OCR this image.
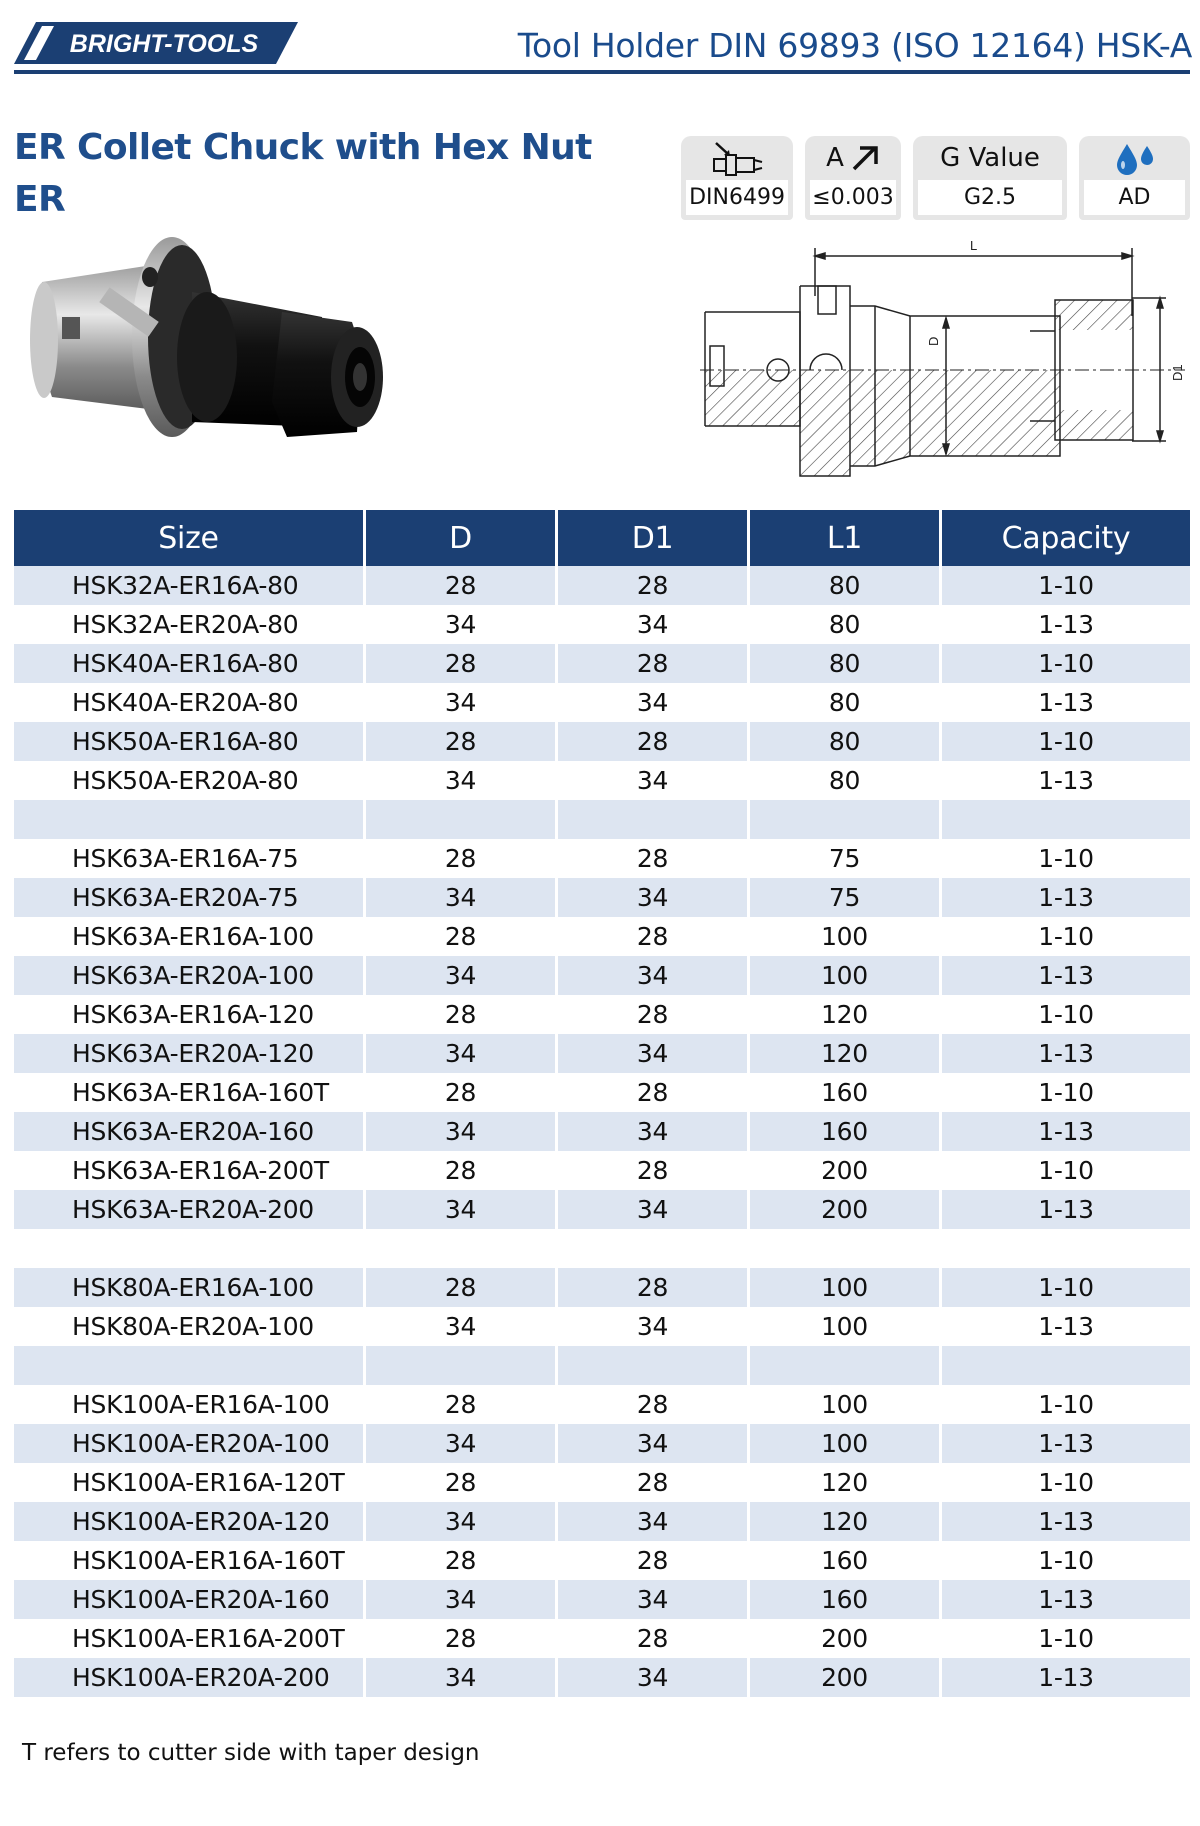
BRIGHT-TOOLS	Tool Holder DIN 69893 (ISO 12164) HSK-A
ER Collet Chuck with Hex Nut
ER	DIN6499
A
≤0.003
G Value
G2.5	AD
L
D
D1
Size	D	D1	L1	Capacity
HSK32A-ER16A-80	28	28	80	1-10
HSK32A-ER20A-80	34	34	80	1-13
HSK40A-ER16A-80	28	28	80	1-10
HSK40A-ER20A-80	34	34	80	1-13
HSK50A-ER16A-80	28	28	80	1-10
HSK50A-ER20A-80	34	34	80	1-13
HSK63A-ER16A-75	28	28	75	1-10
HSK63A-ER20A-75	34	34	75	1-13
HSK63A-ER16A-100	28	28	100	1-10
HSK63A-ER20A-100	34	34	100	1-13
HSK63A-ER16A-120	28	28	120	1-10
HSK63A-ER20A-120	34	34	120	1-13
HSK63A-ER16A-160T	28	28	160	1-10
HSK63A-ER20A-160	34	34	160	1-13
HSK63A-ER16A-200T	28	28	200	1-10
HSK63A-ER20A-200	34	34	200	1-13
HSK80A-ER16A-100	28	28	100	1-10
HSK80A-ER20A-100	34	34	100	1-13
HSK100A-ER16A-100	28	28	100	1-10
HSK100A-ER20A-100	34	34	100	1-13
HSK100A-ER16A-120T	28	28	120	1-10
HSK100A-ER20A-120	34	34	120	1-13
HSK100A-ER16A-160T	28	28	160	1-10
HSK100A-ER20A-160	34	34	160	1-13
HSK100A-ER16A-200T	28	28	200	1-10
HSK100A-ER20A-200	34	34	200	1-13
T refers to cutter side with taper design
